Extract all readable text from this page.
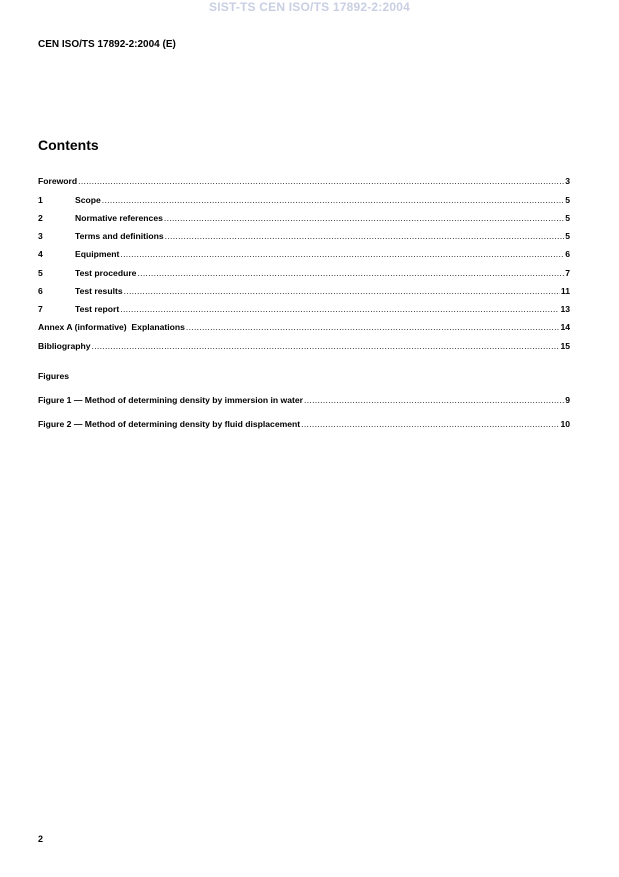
SIST-TS CEN ISO/TS 17892-2:2004
CEN ISO/TS 17892-2:2004 (E)
Contents
Foreword .....	3
1	Scope .....	5
2	Normative references .....	5
3	Terms and definitions .....	5
4	Equipment .....	6
5	Test procedure .....	7
6	Test results .....	11
7	Test report .....	13
Annex A (informative)  Explanations .....	14
Bibliography .....	15
Figures
Figure 1 — Method of determining density by immersion in water .....	9
Figure 2 — Method of determining density by fluid displacement .....	10
2
